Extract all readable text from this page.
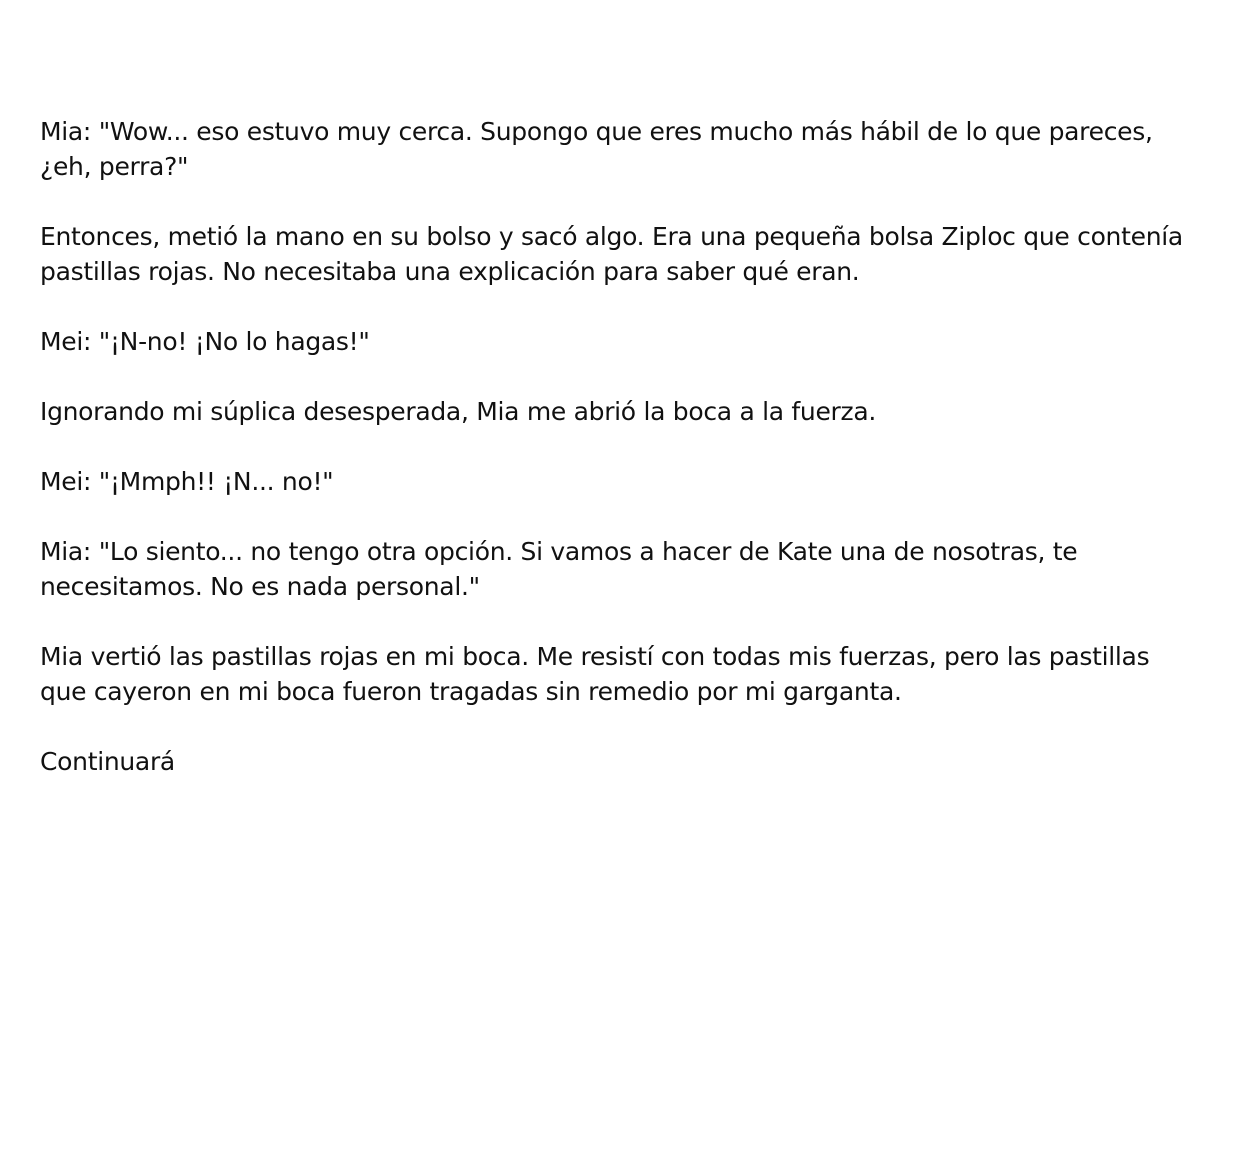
Mia: "Wow... eso estuvo muy cerca. Supongo que eres mucho más hábil de lo que pareces, ¿eh, perra?"

Entonces, metió la mano en su bolso y sacó algo. Era una pequeña bolsa Ziploc que contenía pastillas rojas. No necesitaba una explicación para saber qué eran.

Mei: "¡N-no! ¡No lo hagas!"

Ignorando mi súplica desesperada, Mia me abrió la boca a la fuerza.

Mei: "¡Mmph!! ¡N... no!"

Mia: "Lo siento... no tengo otra opción. Si vamos a hacer de Kate una de nosotras, te necesitamos. No es nada personal."

Mia vertió las pastillas rojas en mi boca. Me resistí con todas mis fuerzas, pero las pastillas que cayeron en mi boca fueron tragadas sin remedio por mi garganta.

Continuará
